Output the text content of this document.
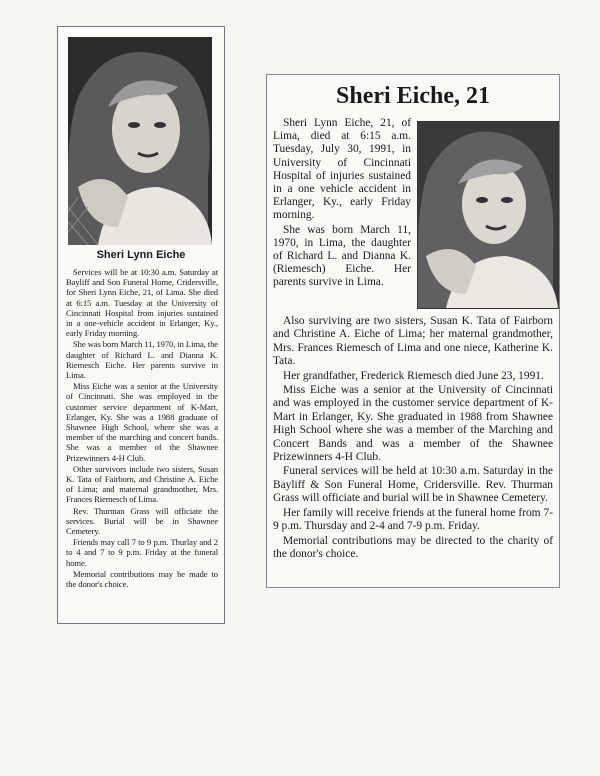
Sheri Lynn Eiche

Services will be at 10:30 a.m. Saturday at Bayliff and Son Funeral Home, Cridersville, for Sheri Lynn Eiche, 21, of Lima. She died at 6:15 a.m. Tuesday at the University of Cincinnati Hospital from injuries sustained in a one-vehicle accident in Erlanger, Ky., early Friday morning.

She was born March 11, 1970, in Lima, the daughter of Richard L. and Dianna K. Riemesch Eiche. Her parents survive in Lima.

Miss Eiche was a senior at the University of Cincinnati. She was employed in the customer service department of K-Mart, Erlanger, Ky. She was a 1988 graduate of Shawnee High School, where she was a member of the marching and concert bands. She was a member of the Shawnee Prizewinners 4-H Club.

Other survivors include two sisters, Susan K. Tata of Fairborn, and Christine A. Eiche of Lima; and maternal grandmother, Mrs. Frances Riemesch of Lima.

Rev. Thurman Grass will officiate the services. Burial will be in Shawnee Cemetery.

Friends may call 7 to 9 p.m. Thurlay and 2 to 4 and 7 to 9 p.m. Friday at the funeral home.

Memorial contributions may be made to the donor's choice.

Sheri Eiche, 21

Sheri Lynn Eiche, 21, of Lima, died at 6:15 a.m. Tuesday, July 30, 1991, in University of Cincinnati Hospital of injuries sustained in a one vehicle accident in Erlanger, Ky., early Friday morning.

She was born March 11, 1970, in Lima, the daughter of Richard L. and Dianna K. (Riemesch) Eiche. Her parents survive in Lima.

Also surviving are two sisters, Susan K. Tata of Fairborn and Christine A. Eiche of Lima; her maternal grandmother, Mrs. Frances Riemesch of Lima and one niece, Katherine K. Tata.

Her grandfather, Frederick Riemesch died June 23, 1991.

Miss Eiche was a senior at the University of Cincinnati and was employed in the customer service department of K-Mart in Erlanger, Ky. She graduated in 1988 from Shawnee High School where she was a member of the Marching and Concert Bands and was a member of the Shawnee Prizewinners 4-H Club.

Funeral services will be held at 10:30 a.m. Saturday in the Bayliff & Son Funeral Home, Cridersville. Rev. Thurman Grass will officiate and burial will be in Shawnee Cemetery.

Her family will receive friends at the funeral home from 7-9 p.m. Thursday and 2-4 and 7-9 p.m. Friday.

Memorial contributions may be directed to the charity of the donor's choice.
